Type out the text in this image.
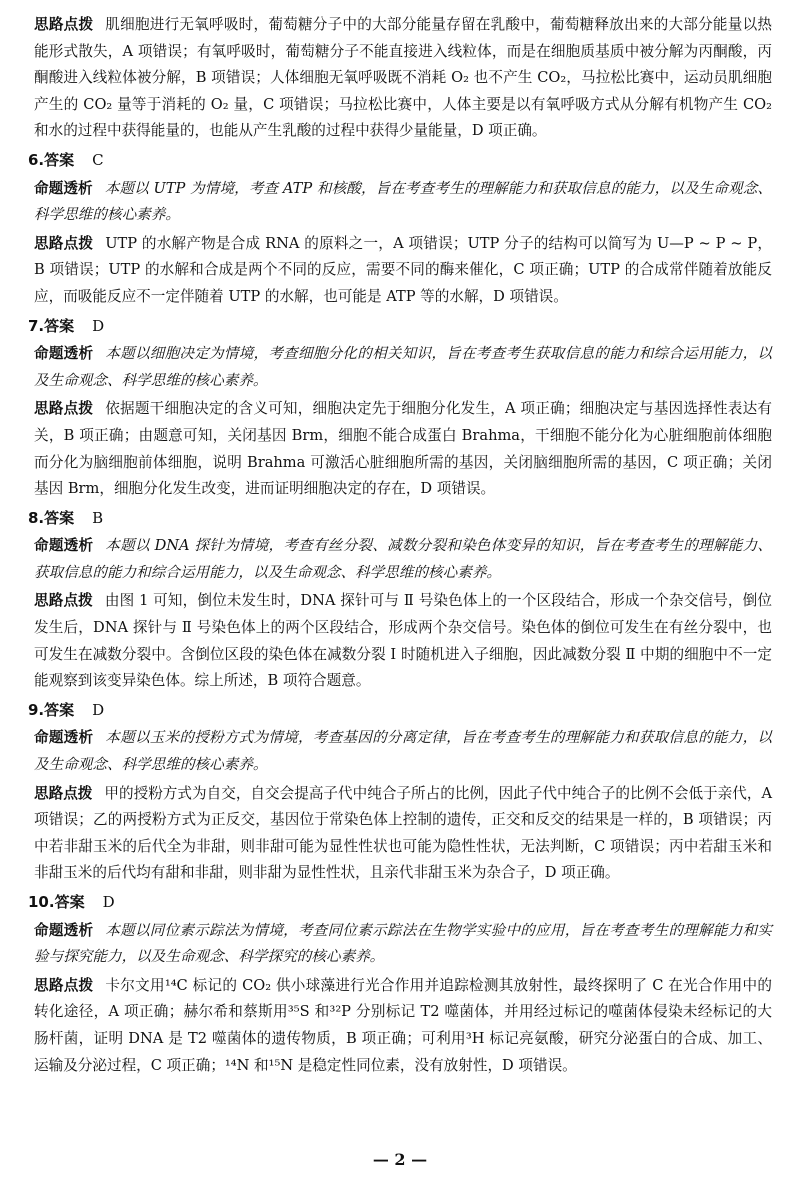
思路点拨 肌细胞进行无氧呼吸时，葡萄糖分子中的大部分能量存留在乳酸中，葡萄糖释放出来的大部分能量以热能形式散失，A 项错误；有氧呼吸时，葡萄糖分子不能直接进入线粒体，而是在细胞质基质中被分解为丙酮酸，丙酮酸进入线粒体被分解，B 项错误；人体细胞无氧呼吸既不消耗 O₂ 也不产生 CO₂，马拉松比赛中，运动员肌细胞产生的 CO₂ 量等于消耗的 O₂ 量，C 项错误；马拉松比赛中，人体主要是以有氧呼吸方式从分解有机物产生 CO₂ 和水的过程中获得能量的，也能从产生乳酸的过程中获得少量能量，D 项正确。

6.答案 C

命题透析 本题以 UTP 为情境，考查 ATP 和核酸，旨在考查考生的理解能力和获取信息的能力，以及生命观念、科学思维的核心素养。

思路点拨 UTP 的水解产物是合成 RNA 的原料之一，A 项错误；UTP 分子的结构可以简写为 U—P ~ P ~ P，B 项错误；UTP 的水解和合成是两个不同的反应，需要不同的酶来催化，C 项正确；UTP 的合成常伴随着放能反应，而吸能反应不一定伴随着 UTP 的水解，也可能是 ATP 等的水解，D 项错误。

7.答案 D

命题透析 本题以细胞决定为情境，考查细胞分化的相关知识，旨在考查考生获取信息的能力和综合运用能力，以及生命观念、科学思维的核心素养。

思路点拨 依据题干细胞决定的含义可知，细胞决定先于细胞分化发生，A 项正确；细胞决定与基因选择性表达有关，B 项正确；由题意可知，关闭基因 Brm，细胞不能合成蛋白 Brahma，干细胞不能分化为心脏细胞前体细胞而分化为脑细胞前体细胞，说明 Brahma 可激活心脏细胞所需的基因，关闭脑细胞所需的基因，C 项正确；关闭基因 Brm，细胞分化发生改变，进而证明细胞决定的存在，D 项错误。

8.答案 B

命题透析 本题以 DNA 探针为情境，考查有丝分裂、减数分裂和染色体变异的知识，旨在考查考生的理解能力、获取信息的能力和综合运用能力，以及生命观念、科学思维的核心素养。

思路点拨 由图 1 可知，倒位未发生时，DNA 探针可与 Ⅱ 号染色体上的一个区段结合，形成一个杂交信号，倒位发生后，DNA 探针与 Ⅱ 号染色体上的两个区段结合，形成两个杂交信号。染色体的倒位可发生在有丝分裂中，也可发生在减数分裂中。含倒位区段的染色体在减数分裂 Ⅰ 时随机进入子细胞，因此减数分裂 Ⅱ 中期的细胞中不一定能观察到该变异染色体。综上所述，B 项符合题意。

9.答案 D

命题透析 本题以玉米的授粉方式为情境，考查基因的分离定律，旨在考查考生的理解能力和获取信息的能力，以及生命观念、科学思维的核心素养。

思路点拨 甲的授粉方式为自交，自交会提高子代中纯合子所占的比例，因此子代中纯合子的比例不会低于亲代，A 项错误；乙的两授粉方式为正反交，基因位于常染色体上控制的遗传，正交和反交的结果是一样的，B 项错误；丙中若非甜玉米的后代全为非甜，则非甜可能为显性性状也可能为隐性性状，无法判断，C 项错误；丙中若甜玉米和非甜玉米的后代均有甜和非甜，则非甜为显性性状，且亲代非甜玉米为杂合子，D 项正确。

10.答案 D

命题透析 本题以同位素示踪法为情境，考查同位素示踪法在生物学实验中的应用，旨在考查考生的理解能力和实验与探究能力，以及生命观念、科学探究的核心素养。

思路点拨 卡尔文用¹⁴C 标记的 CO₂ 供小球藻进行光合作用并追踪检测其放射性，最终探明了 C 在光合作用中的转化途径，A 项正确；赫尔希和蔡斯用³⁵S 和³²P 分别标记 T2 噬菌体，并用经过标记的噬菌体侵染未经标记的大肠杆菌，证明 DNA 是 T2 噬菌体的遗传物质，B 项正确；可利用³H 标记亮氨酸，研究分泌蛋白的合成、加工、运输及分泌过程，C 项正确；¹⁴N 和¹⁵N 是稳定性同位素，没有放射性，D 项错误。

— 2 —
